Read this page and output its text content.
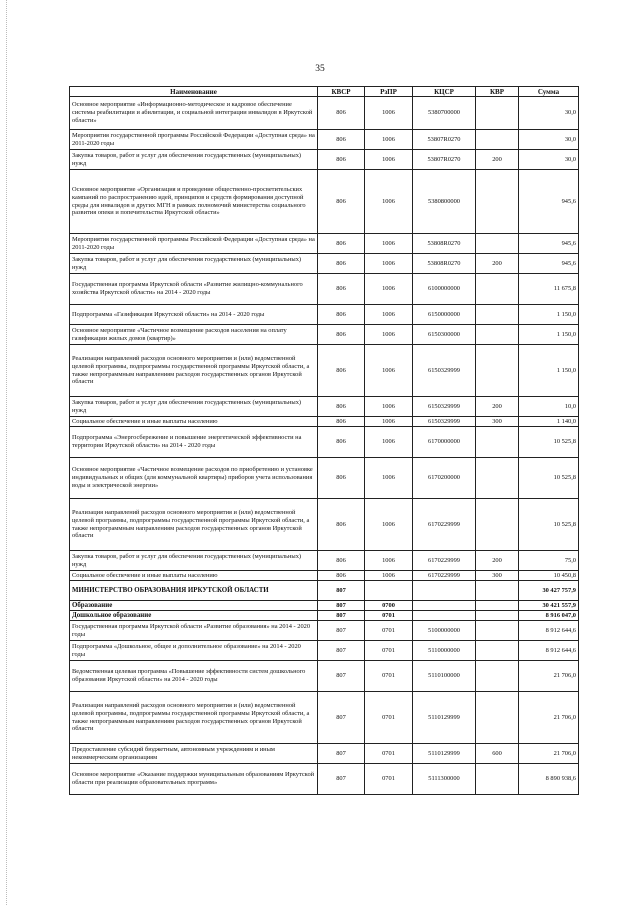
35
Наименование	КВСР	РзПР	КЦСР	КВР	Сумма
Основное мероприятие «Информационно-методическое и кадровое обеспечение системы реабилитации и абилитации, и социальной интеграции инвалидов в Иркутской области»	806	1006	5380700000		30,0
Мероприятия государственной программы Российской Федерации «Доступная среда» на 2011-2020 годы	806	1006	53807R0270		30,0
Закупка товаров, работ и услуг для обеспечения государственных (муниципальных) нужд	806	1006	53807R0270	200	30,0
Основное мероприятие «Организация и проведение общественно-просветительских кампаний по распространению идей, принципов и средств формирования доступной среды для инвалидов и других МГН в рамках полномочий министерства социального развития опеки и попечительства Иркутской области»	806	1006	5380800000		945,6
Мероприятия государственной программы Российской Федерации «Доступная среда» на 2011-2020 годы	806	1006	53808R0270		945,6
Закупка товаров, работ и услуг для обеспечения государственных (муниципальных) нужд	806	1006	53808R0270	200	945,6
Государственная программа Иркутской области «Развитие жилищно-коммунального хозяйства Иркутской области» на 2014 - 2020 годы	806	1006	6100000000		11 675,8
Подпрограмма «Газификация Иркутской области» на 2014 - 2020 годы	806	1006	6150000000		1 150,0
Основное мероприятие «Частичное возмещение расходов населения на оплату газификации жилых домов (квартир)»	806	1006	6150300000		1 150,0
Реализация направлений расходов основного мероприятия и (или) ведомственной целевой программы, подпрограммы государственной программы Иркутской области, а также непрограммным направлениям расходов государственных органов Иркутской области	806	1006	6150329999		1 150,0
Закупка товаров, работ и услуг для обеспечения государственных (муниципальных) нужд	806	1006	6150329999	200	10,0
Социальное обеспечение и иные выплаты населению	806	1006	6150329999	300	1 140,0
Подпрограмма «Энергосбережение и повышение энергетической эффективности на территории Иркутской области» на 2014 - 2020 годы	806	1006	6170000000		10 525,8
Основное мероприятие «Частичное возмещение расходов по приобретению и установке индивидуальных и общих (для коммунальной квартиры) приборов учета использования воды и электрической энергии»	806	1006	6170200000		10 525,8
Реализация направлений расходов основного мероприятия и (или) ведомственной целевой программы, подпрограммы государственной программы Иркутской области, а также непрограммным направлениям расходов государственных органов Иркутской области	806	1006	6170229999		10 525,8
Закупка товаров, работ и услуг для обеспечения государственных (муниципальных) нужд	806	1006	6170229999	200	75,0
Социальное обеспечение и иные выплаты населению	806	1006	6170229999	300	10 450,8
МИНИСТЕРСТВО ОБРАЗОВАНИЯ ИРКУТСКОЙ ОБЛАСТИ	807				30 427 757,9
Образование	807	0700			30 421 557,9
Дошкольное образование	807	0701			8 916 047,0
Государственная программа Иркутской области «Развитие образования» на 2014 - 2020 годы	807	0701	5100000000		8 912 644,6
Подпрограмма «Дошкольное, общее и дополнительное образование» на 2014 - 2020 годы	807	0701	5110000000		8 912 644,6
Ведомственная целевая программа «Повышение эффективности систем дошкольного образования Иркутской области» на 2014 - 2020 годы	807	0701	5110100000		21 706,0
Реализация направлений расходов основного мероприятия и (или) ведомственной целевой программы, подпрограммы государственной программы Иркутской области, а также непрограммным направлениям расходов государственных органов Иркутской области	807	0701	5110129999		21 706,0
Предоставление субсидий бюджетным, автономным учреждениям и иным некоммерческим организациям	807	0701	5110129999	600	21 706,0
Основное мероприятие «Оказание поддержки муниципальным образованиям Иркутской области при реализации образовательных программ»	807	0701	5111300000		8 890 938,6
